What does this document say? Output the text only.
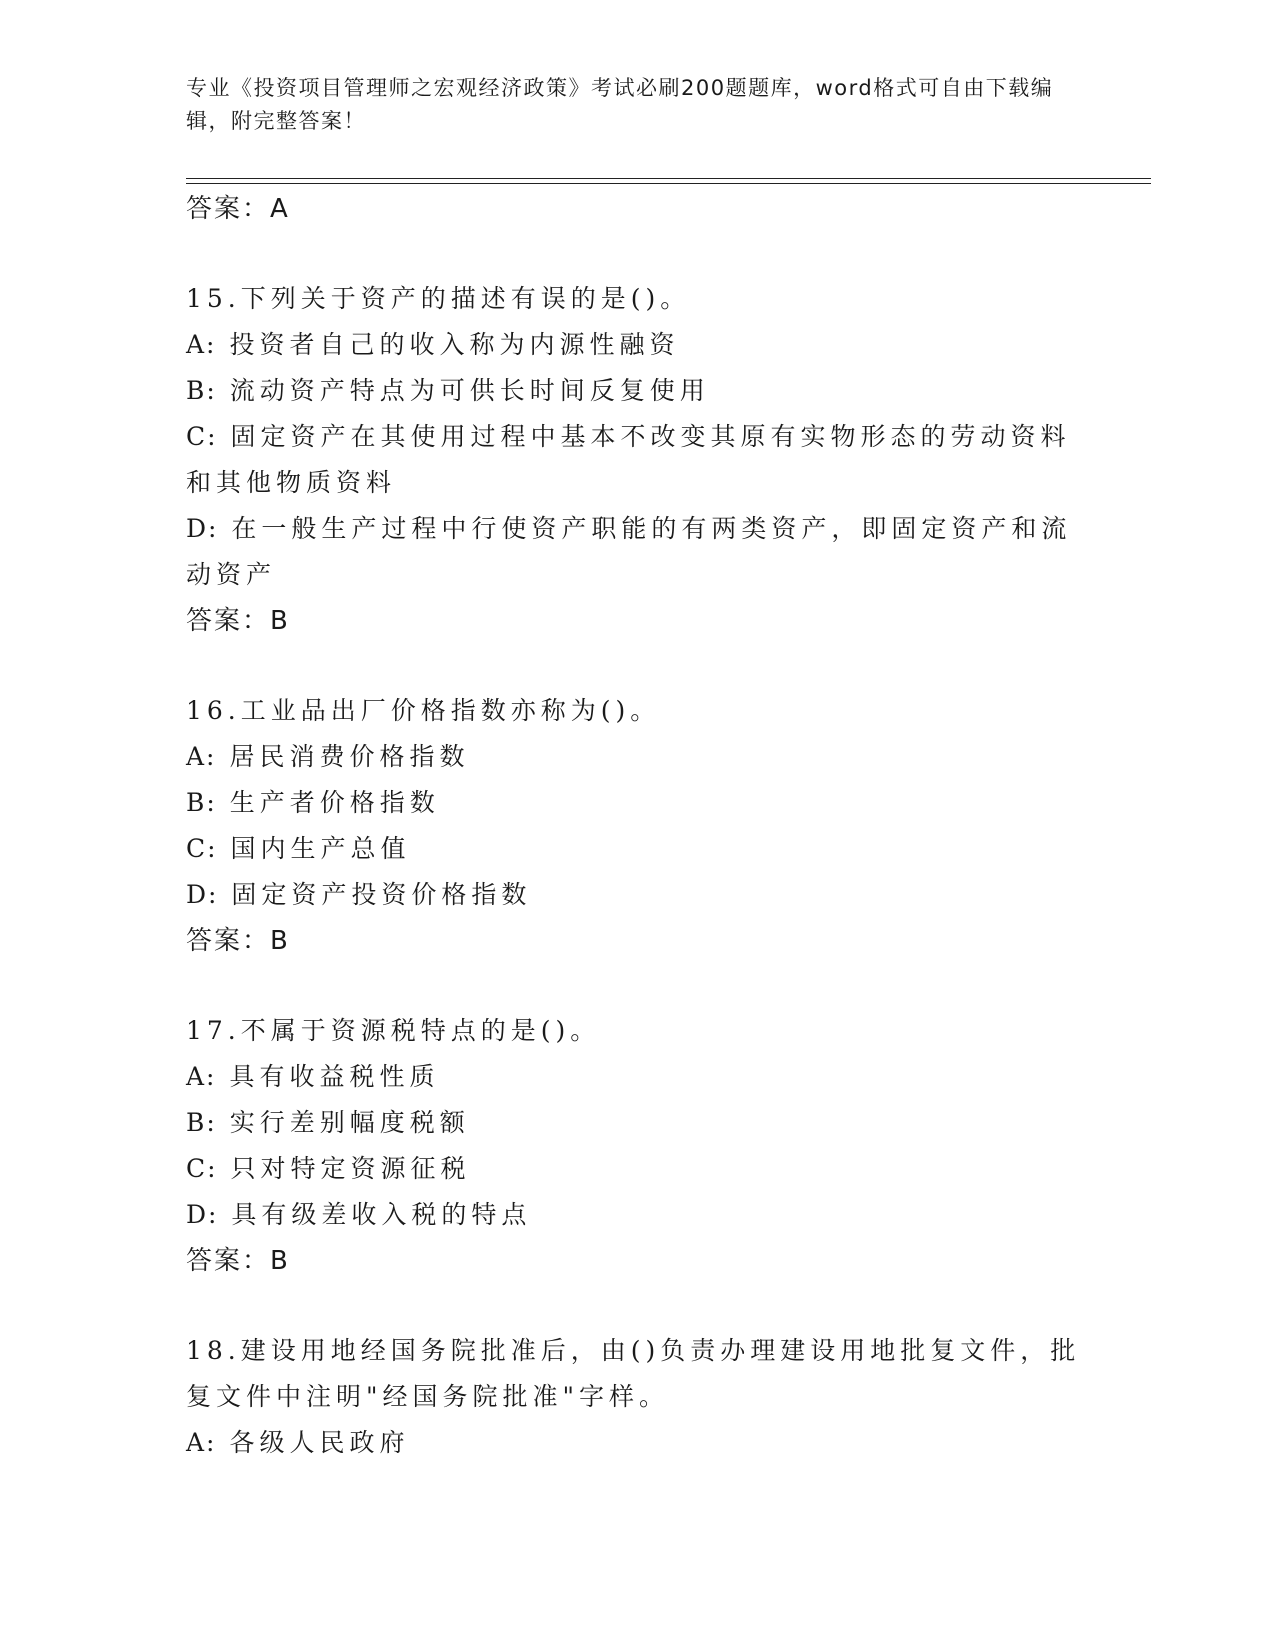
专业《投资项目管理师之宏观经济政策》考试必刷200题题库，word格式可自由下载编辑，附完整答案！
答案：A

15.下列关于资产的描述有误的是()。

A: 投资者自己的收入称为内源性融资

B: 流动资产特点为可供长时间反复使用

C: 固定资产在其使用过程中基本不改变其原有实物形态的劳动资料和其他物质资料

D: 在一般生产过程中行使资产职能的有两类资产，即固定资产和流动资产

答案：B

16.工业品出厂价格指数亦称为()。

A: 居民消费价格指数

B: 生产者价格指数

C: 国内生产总值

D: 固定资产投资价格指数

答案：B

17.不属于资源税特点的是()。

A: 具有收益税性质

B: 实行差别幅度税额

C: 只对特定资源征税

D: 具有级差收入税的特点

答案：B

18.建设用地经国务院批准后，由()负责办理建设用地批复文件，批复文件中注明"经国务院批准"字样。

A: 各级人民政府
